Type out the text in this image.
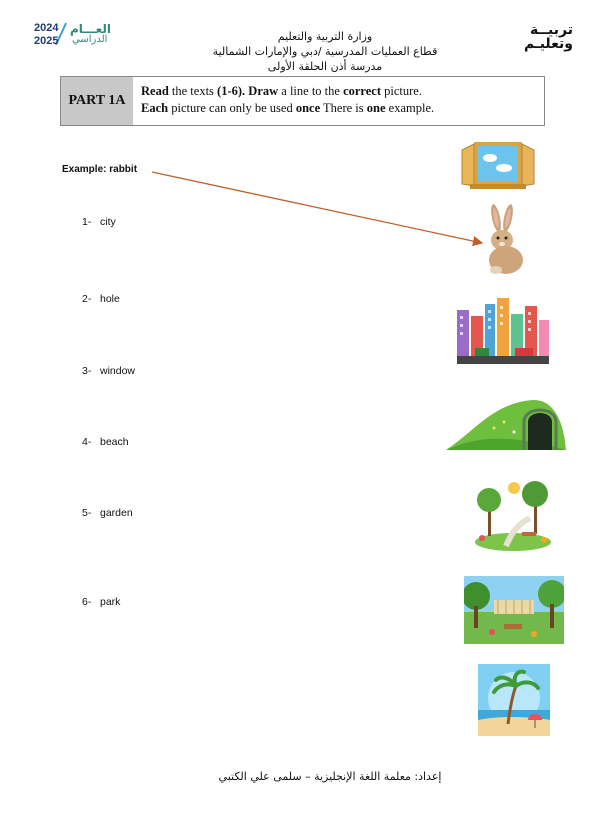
العـــام
الدراسي
2024
2025
تربيــة
وتعليـم
وزارة التربية والتعليم
قطاع العمليات المدرسية /دبي والإمارات الشمالية
مدرسة أذن الحلقة الأولى
PART 1A
Read the texts (1-6). Draw a line to the correct picture.
Each picture can only be used once There is one example.
Example: rabbit
1- city
2- hole
3- window
4- beach
5- garden
6- park
إعداد: معلمة اللغة الإنجليزية – سلمى علي الكتبي
